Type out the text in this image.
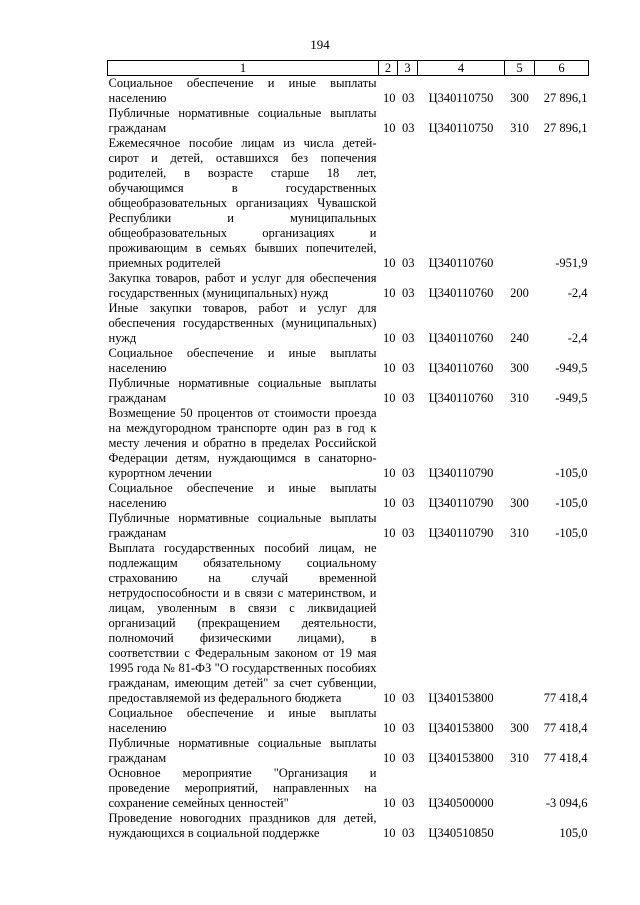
194
1	2	3	4	5	6
Социальное обеспечение и иные выплаты населению	10	03	Ц340110750	300	27 896,1
Публичные нормативные социальные выплаты гражданам	10	03	Ц340110750	310	27 896,1
Ежемесячное пособие лицам из числа детей-сирот и детей, оставшихся без попечения родителей, в возрасте старше 18 лет, обучающимся в государственных общеобразовательных организациях Чувашской Республики и муниципальных общеобразовательных организациях и проживающим в семьях бывших попечителей, приемных родителей	10	03	Ц340110760		-951,9
Закупка товаров, работ и услуг для обеспечения государственных (муниципальных) нужд	10	03	Ц340110760	200	-2,4
Иные закупки товаров, работ и услуг для обеспечения государственных (муниципальных) нужд	10	03	Ц340110760	240	-2,4
Социальное обеспечение и иные выплаты населению	10	03	Ц340110760	300	-949,5
Публичные нормативные социальные выплаты гражданам	10	03	Ц340110760	310	-949,5
Возмещение 50 процентов от стоимости проезда на междугородном транспорте один раз в год к месту лечения и обратно в пределах Российской Федерации детям, нуждающимся в санаторно-курортном лечении	10	03	Ц340110790		-105,0
Социальное обеспечение и иные выплаты населению	10	03	Ц340110790	300	-105,0
Публичные нормативные социальные выплаты гражданам	10	03	Ц340110790	310	-105,0
Выплата государственных пособий лицам, не подлежащим обязательному социальному страхованию на случай временной нетрудоспособности и в связи с материнством, и лицам, уволенным в связи с ликвидацией организаций (прекращением деятельности, полномочий физическими лицами), в соответствии с Федеральным законом от 19 мая 1995 года № 81-ФЗ "О государственных пособиях гражданам, имеющим детей" за счет субвенции, предоставляемой из федерального бюджета	10	03	Ц340153800		77 418,4
Социальное обеспечение и иные выплаты населению	10	03	Ц340153800	300	77 418,4
Публичные нормативные социальные выплаты гражданам	10	03	Ц340153800	310	77 418,4
Основное мероприятие "Организация и проведение мероприятий, направленных на сохранение семейных ценностей"	10	03	Ц340500000		-3 094,6
Проведение новогодних праздников для детей, нуждающихся в социальной поддержке	10	03	Ц340510850		105,0
